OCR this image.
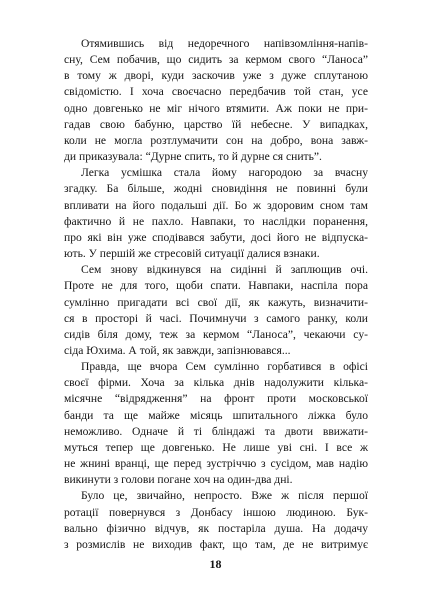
Отямившись від недоречного напівзомління-напів-
сну, Сем побачив, що сидить за кермом свого “Ланоса”
в тому ж дворі, куди заскочив уже з дуже сплутаною
свідомістю. І хоча своєчасно передбачив той стан, усе
одно довгенько не міг нічого втямити. Аж поки не при-
гадав свою бабуню, царство їй небесне. У випадках,
коли не могла розтлумачити сон на добро, вона завж-
ди приказувала: “Дурне спить, то й дурне ся снить”.

Легка усмішка стала йому нагородою за вчасну
згадку. Ба більше, жодні сновидіння не повинні були
впливати на його подальші дії. Бо ж здоровим сном там
фактично й не пахло. Навпаки, то наслідки поранення,
про які він уже сподівався забути, досі його не відпуска-
ють. У першій же стресовій ситуації далися взнаки.

Сем знову відкинувся на сидінні й заплющив очі.
Проте не для того, щоби спати. Навпаки, наспіла пора
сумлінно пригадати всі свої дії, як кажуть, визначити-
ся в просторі й часі. Почимнучи з самого ранку, коли
сидів біля дому, теж за кермом “Ланоса”, чекаючи сy-
сіда Юхима. А той, як завжди, запізнювався...

Правда, ще вчора Сем сумлінно горбатився в офісі
своєї фірми. Хоча за кілька днів надолужити кілька-
місячне “відрядження” на фронт проти московської
банди та ще майже місяць шпитального ліжка було
неможливо. Одначе й ті бліндажі та двоти ввижати-
муться тепер ще довгенько. Не лише уві сні. І все ж
не жнині вранці, ще перед зустріччю з сусідом, мав надію
викинути з голови погане хоч на один-два дні.

Було це, звичайно, непросто. Вже ж після першої
ротації повернувся з Донбасу іншою людиною. Бук-
вально фізично відчув, як постаріла душа. На додачу
з розмислів не виходив факт, що там, де не витримує

18
